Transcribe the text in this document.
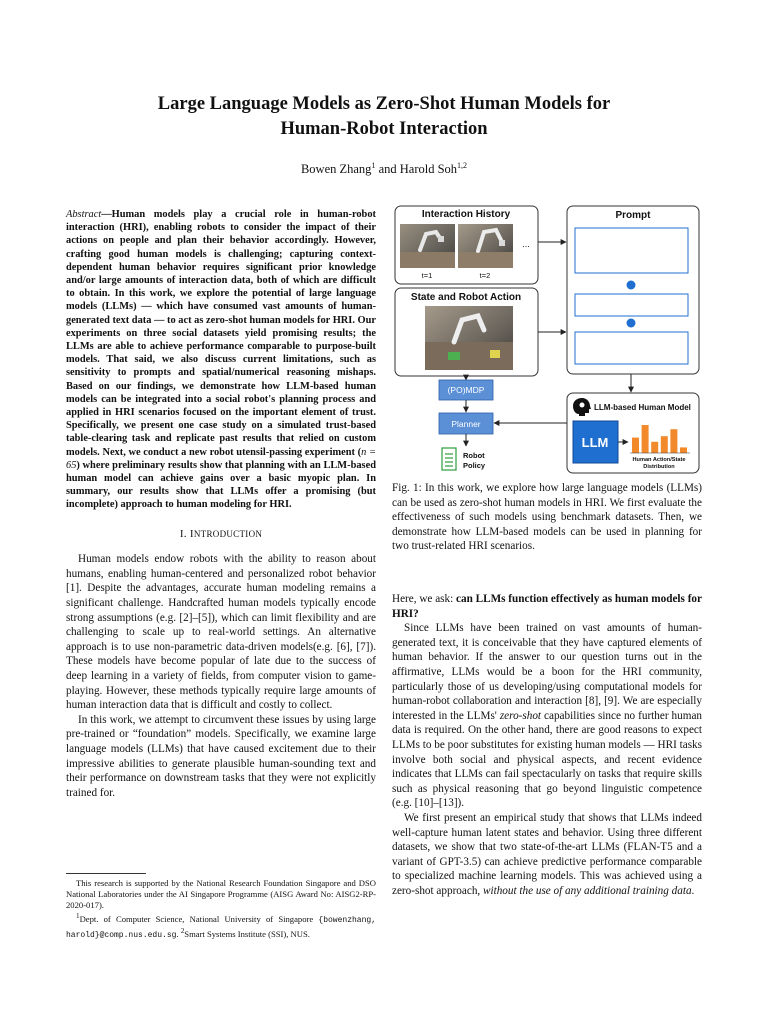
Large Language Models as Zero-Shot Human Models for
Human-Robot Interaction
Bowen Zhang$^1$ and Harold Soh$^{1,2}$

Abstract—Human models play a crucial role in human-robot interaction (HRI), enabling robots to consider the impact of their actions on people and plan their behavior accordingly. However, crafting good human models is challenging; capturing context-dependent human behavior requires significant prior knowledge and/or large amounts of interaction data, both of which are difficult to obtain. In this work, we explore the potential of large language models (LLMs) — which have consumed vast amounts of human-generated text data — to act as zero-shot human models for HRI. Our experiments on three social datasets yield promising results; the LLMs are able to achieve performance comparable to purpose-built models. That said, we also discuss current limitations, such as sensitivity to prompts and spatial/numerical reasoning mishaps. Based on our findings, we demonstrate how LLM-based human models can be integrated into a social robot's planning process and applied in HRI scenarios focused on the important element of trust. Specifically, we present one case study on a simulated trust-based table-clearing task and replicate past results that relied on custom models. Next, we conduct a new robot utensil-passing experiment (n = 65) where preliminary results show that planning with an LLM-based human model can achieve gains over a basic myopic plan. In summary, our results show that LLMs offer a promising (but incomplete) approach to human modeling for HRI.

I. INTRODUCTION

Human models endow robots with the ability to reason about humans, enabling human-centered and personalized robot behavior [1]. Despite the advantages, accurate human modeling remains a significant challenge. Handcrafted human models typically encode strong assumptions (e.g. [2]–[5]), which can limit flexibility and are challenging to scale up to real-world settings. An alternative approach is to use non-parametric data-driven models(e.g. [6], [7]). These models have become popular of late due to the success of deep learning in a variety of fields, from computer vision to game-playing. However, these methods typically require large amounts of human interaction data that is difficult and costly to collect.

In this work, we attempt to circumvent these issues by using large pre-trained or “foundation” models. Specifically, we examine large language models (LLMs) that have caused excitement due to their impressive abilities to generate plausible human-sounding text and their performance on downstream tasks that they were not explicitly trained for.

This research is supported by the National Research Foundation Singapore and DSO National Laboratories under the AI Singapore Programme (AISG Award No: AISG2-RP-2020-017).

$^1$Dept. of Computer Science, National University of Singapore {bowenzhang, harold}@comp.nus.edu.sg. $^2$Smart Systems Institute (SSI), NUS.

Interaction History
t=1	t=2
...
State and Robot Action
Prompt
(PO)MDP
Planner
Robot
Policy
LLM-based Human Model
LLM
Human Action/State
Distribution

Fig. 1: In this work, we explore how large language models (LLMs) can be used as zero-shot human models in HRI. We first evaluate the effectiveness of such models using benchmark datasets. Then, we demonstrate how LLM-based models can be used in planning for two trust-related HRI scenarios.

Here, we ask: can LLMs function effectively as human models for HRI?

Since LLMs have been trained on vast amounts of human-generated text, it is conceivable that they have captured elements of human behavior. If the answer to our question turns out in the affirmative, LLMs would be a boon for the HRI community, particularly those of us developing/using computational models for human-robot collaboration and interaction [8], [9]. We are especially interested in the LLMs' zero-shot capabilities since no further human data is required. On the other hand, there are good reasons to expect LLMs to be poor substitutes for existing human models — HRI tasks involve both social and physical aspects, and recent evidence indicates that LLMs can fail spectacularly on tasks that require skills such as physical reasoning that go beyond linguistic competence (e.g. [10]–[13]).

We first present an empirical study that shows that LLMs indeed well-capture human latent states and behavior. Using three different datasets, we show that two state-of-the-art LLMs (FLAN-T5 and a variant of GPT-3.5) can achieve predictive performance comparable to specialized machine learning models. This was achieved using a zero-shot approach, without the use of any additional training data.
